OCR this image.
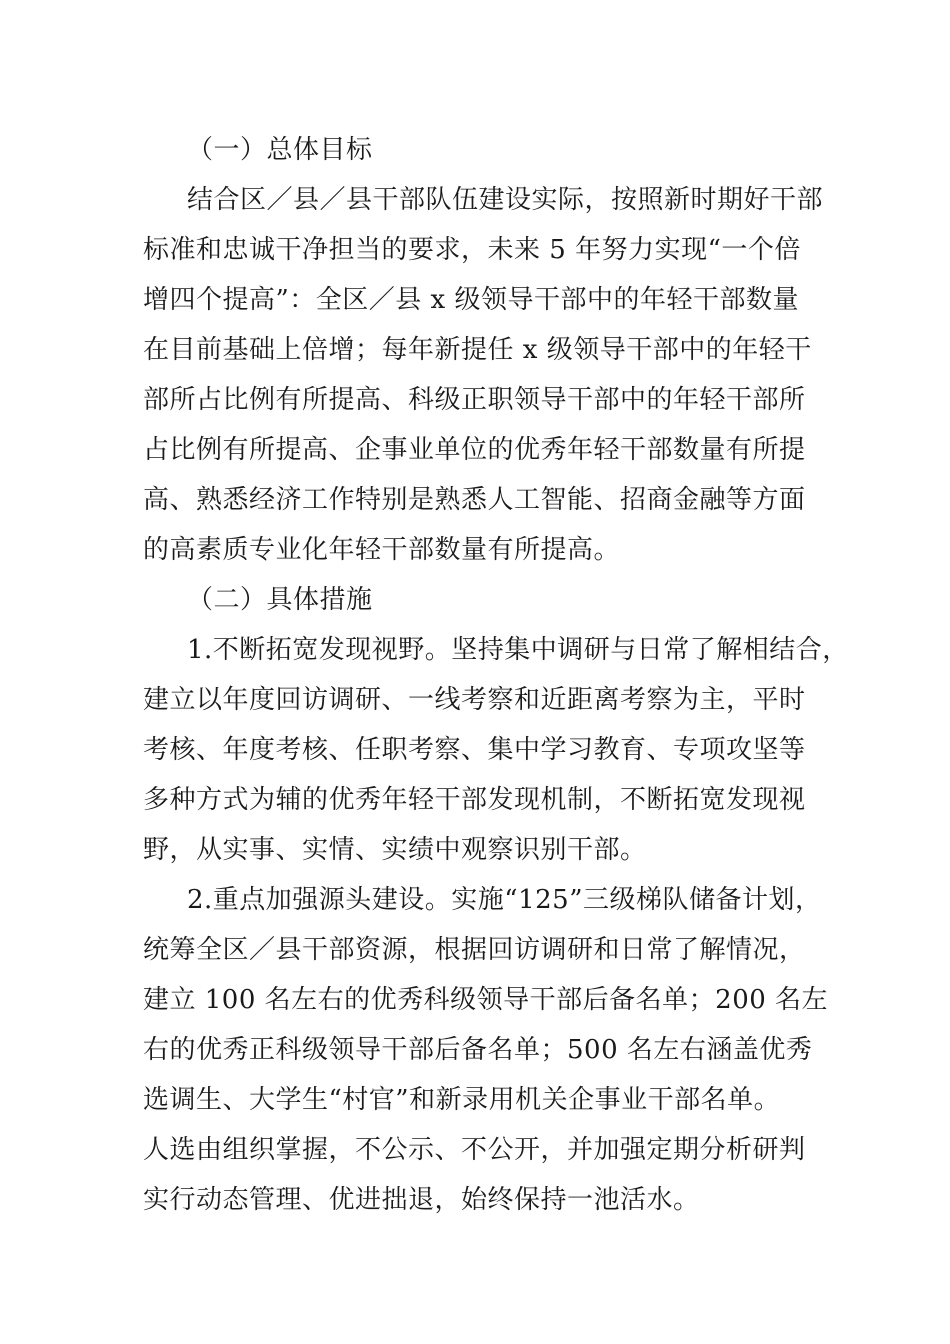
（一）总体目标
结合区／县／县干部队伍建设实际，按照新时期好干部
标准和忠诚干净担当的要求，未来 5 年努力实现“一个倍
增四个提高”：全区／县 x 级领导干部中的年轻干部数量
在目前基础上倍增；每年新提任 x 级领导干部中的年轻干
部所占比例有所提高、科级正职领导干部中的年轻干部所
占比例有所提高、企事业单位的优秀年轻干部数量有所提
高、熟悉经济工作特别是熟悉人工智能、招商金融等方面
的高素质专业化年轻干部数量有所提高。
（二）具体措施
1.不断拓宽发现视野。坚持集中调研与日常了解相结合，
建立以年度回访调研、一线考察和近距离考察为主，平时
考核、年度考核、任职考察、集中学习教育、专项攻坚等
多种方式为辅的优秀年轻干部发现机制，不断拓宽发现视
野，从实事、实情、实绩中观察识别干部。
2.重点加强源头建设。实施“125”三级梯队储备计划，
统筹全区／县干部资源，根据回访调研和日常了解情况，
建立 100 名左右的优秀科级领导干部后备名单；200 名左
右的优秀正科级领导干部后备名单；500 名左右涵盖优秀
选调生、大学生“村官”和新录用机关企事业干部名单。
人选由组织掌握，不公示、不公开，并加强定期分析研判
实行动态管理、优进拙退，始终保持一池活水。
